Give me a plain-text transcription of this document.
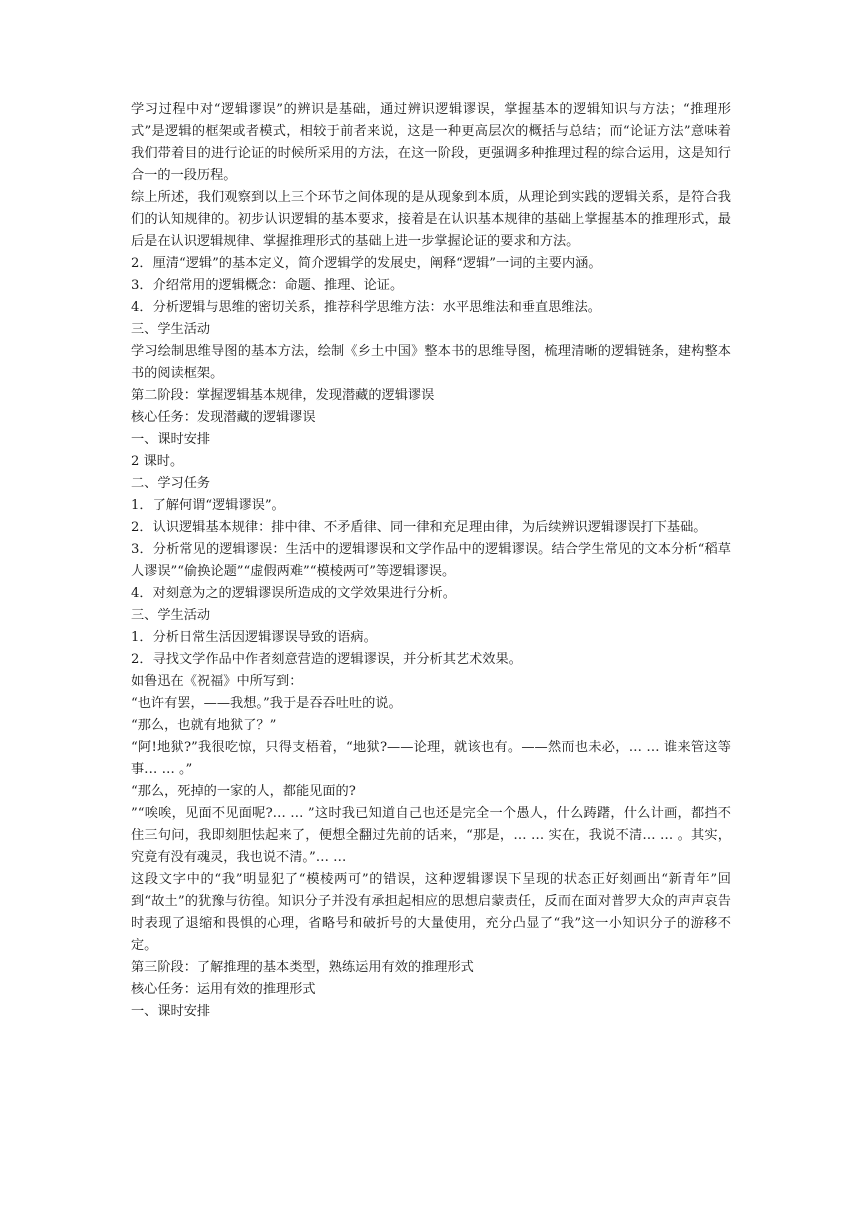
学习过程中对“逻辑谬误”的辨识是基础，通过辨识逻辑谬误，掌握基本的逻辑知识与方法；“推理形式”是逻辑的框架或者模式，相较于前者来说，这是一种更高层次的概括与总结；而“论证方法”意味着我们带着目的进行论证的时候所采用的方法，在这一阶段，更强调多种推理过程的综合运用，这是知行合一的一段历程。

综上所述，我们观察到以上三个环节之间体现的是从现象到本质，从理论到实践的逻辑关系，是符合我们的认知规律的。初步认识逻辑的基本要求，接着是在认识基本规律的基础上掌握基本的推理形式，最后是在认识逻辑规律、掌握推理形式的基础上进一步掌握论证的要求和方法。

2．厘清“逻辑”的基本定义，简介逻辑学的发展史，阐释“逻辑”一词的主要内涵。

3．介绍常用的逻辑概念：命题、推理、论证。

4．分析逻辑与思维的密切关系，推荐科学思维方法：水平思维法和垂直思维法。

三、学生活动

学习绘制思维导图的基本方法，绘制《乡土中国》整本书的思维导图，梳理清晰的逻辑链条，建构整本书的阅读框架。

第二阶段：掌握逻辑基本规律，发现潜藏的逻辑谬误

核心任务：发现潜藏的逻辑谬误

一、课时安排

2 课时。

二、学习任务

1．了解何谓“逻辑谬误”。

2．认识逻辑基本规律：排中律、不矛盾律、同一律和充足理由律，为后续辨识逻辑谬误打下基础。

3．分析常见的逻辑谬误：生活中的逻辑谬误和文学作品中的逻辑谬误。结合学生常见的文本分析“稻草人谬误”“偷换论题”“虚假两难”“模棱两可”等逻辑谬误。

4．对刻意为之的逻辑谬误所造成的文学效果进行分析。

三、学生活动

1．分析日常生活因逻辑谬误导致的语病。

2．寻找文学作品中作者刻意营造的逻辑谬误，并分析其艺术效果。

如鲁迅在《祝福》中所写到：

“也许有罢，——我想。”我于是吞吞吐吐的说。

“那么，也就有地狱了？”

“阿!地狱?”我很吃惊，只得支梧着，“地狱?——论理，就该也有。——然而也未必，… … 谁来管这等事… … 。”

“那么，死掉的一家的人，都能见面的?

”“唉唉，见面不见面呢?… … ”这时我已知道自己也还是完全一个愚人，什么踌躇，什么计画，都挡不住三句问，我即刻胆怯起来了，便想全翻过先前的话来，“那是，… … 实在，我说不清… … 。其实，究竟有没有魂灵，我也说不清。”… …

这段文字中的“我”明显犯了“模棱两可”的错误，这种逻辑谬误下呈现的状态正好刻画出“新青年”回到“故土”的犹豫与彷徨。知识分子并没有承担起相应的思想启蒙责任，反而在面对普罗大众的声声哀告时表现了退缩和畏惧的心理，省略号和破折号的大量使用，充分凸显了“我”这一小知识分子的游移不定。

第三阶段：了解推理的基本类型，熟练运用有效的推理形式

核心任务：运用有效的推理形式

一、课时安排
